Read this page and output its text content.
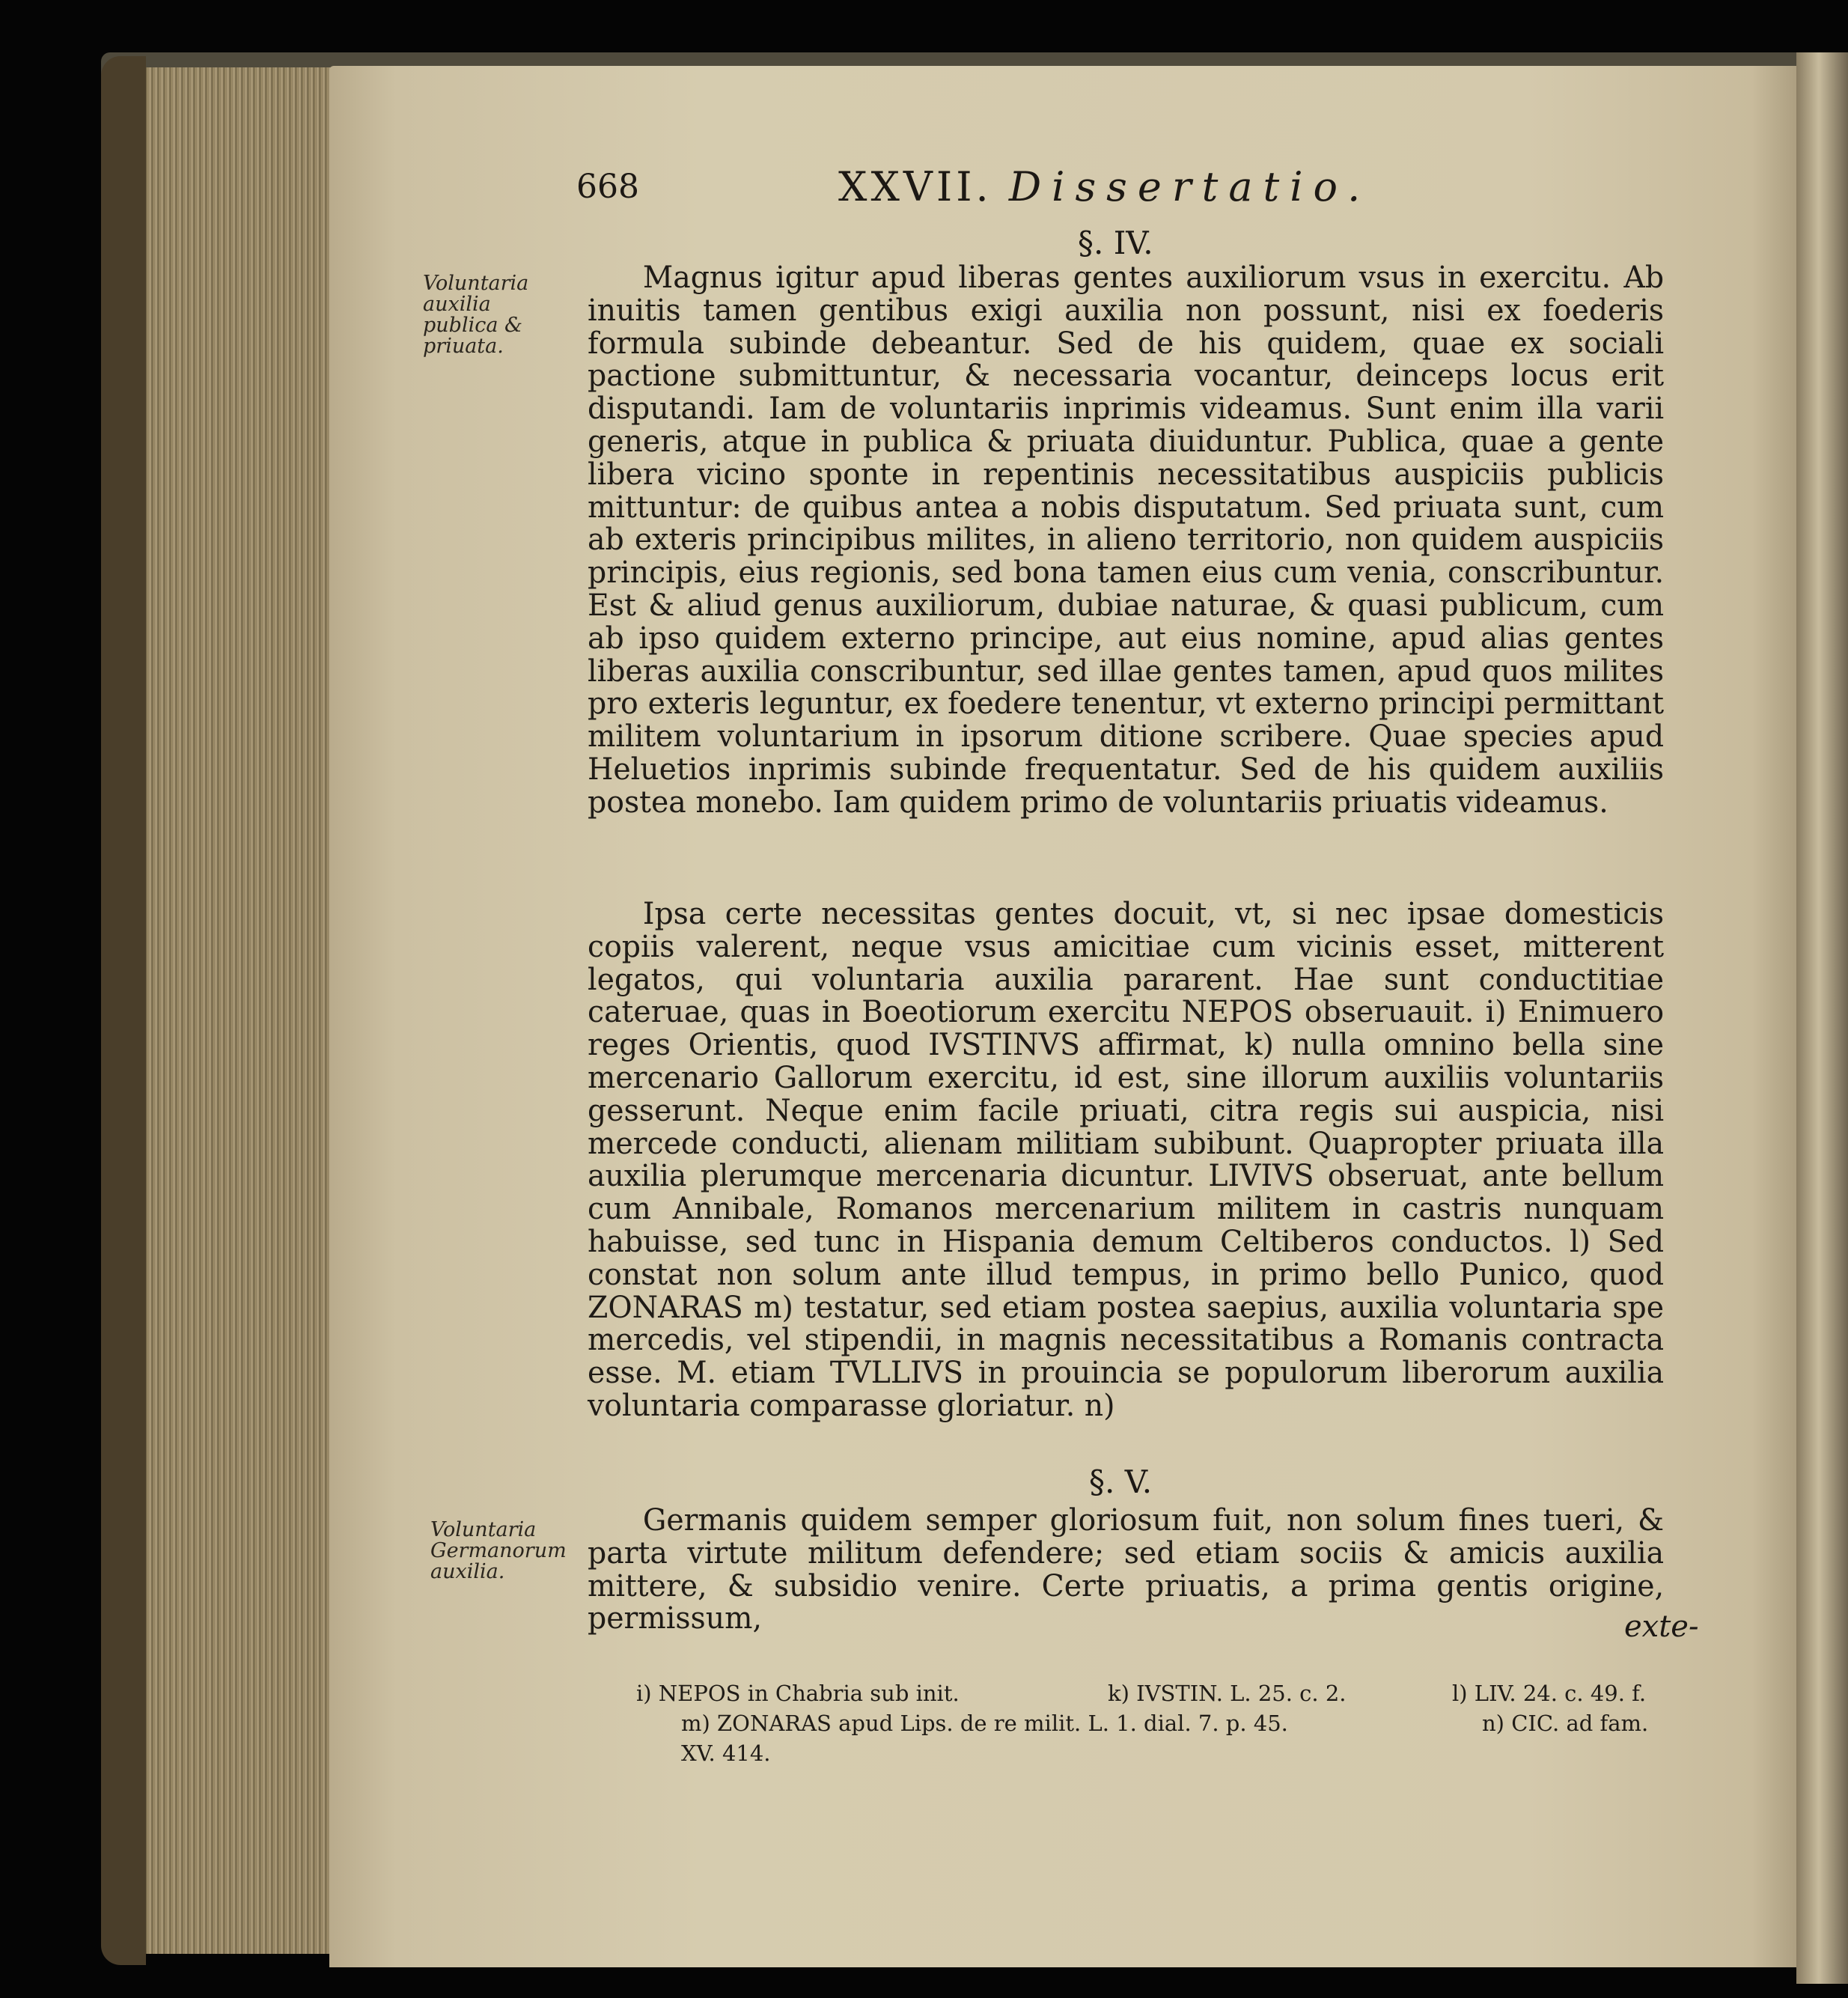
668	XXVII. Dissertatio.
§. IV.
Voluntaria auxilia publica & priuata.

Magnus igitur apud liberas gentes auxiliorum vsus in exercitu. Ab inuitis tamen gentibus exigi auxilia non possunt, nisi ex foederis formula subinde debeantur. Sed de his quidem, quae ex sociali pactione submittuntur, & necessaria vocantur, deinceps locus erit disputandi. Iam de voluntariis inprimis videamus. Sunt enim illa varii generis, atque in publica & priuata diuiduntur. Publica, quae a gente libera vicino sponte in repentinis necessitatibus auspiciis publicis mittuntur: de quibus antea a nobis disputatum. Sed priuata sunt, cum ab exteris principibus milites, in alieno territorio, non quidem auspiciis principis, eius regionis, sed bona tamen eius cum venia, conscribuntur. Est & aliud genus auxiliorum, dubiae naturae, & quasi publicum, cum ab ipso quidem externo principe, aut eius nomine, apud alias gentes liberas auxilia conscribuntur, sed illae gentes tamen, apud quos milites pro exteris leguntur, ex foedere tenentur, vt externo principi permittant militem voluntarium in ipsorum ditione scribere. Quae species apud Heluetios inprimis subinde frequentatur. Sed de his quidem auxiliis postea monebo. Iam quidem primo de voluntariis priuatis videamus.

Ipsa certe necessitas gentes docuit, vt, si nec ipsae domesticis copiis valerent, neque vsus amicitiae cum vicinis esset, mitterent legatos, qui voluntaria auxilia pararent. Hae sunt conductitiae cateruae, quas in Boeotiorum exercitu NEPOS obseruauit. i) Enimuero reges Orientis, quod IVSTINVS affirmat, k) nulla omnino bella sine mercenario Gallorum exercitu, id est, sine illorum auxiliis voluntariis gesserunt. Neque enim facile priuati, citra regis sui auspicia, nisi mercede conducti, alienam militiam subibunt. Quapropter priuata illa auxilia plerumque mercenaria dicuntur. LIVIVS obseruat, ante bellum cum Annibale, Romanos mercenarium militem in castris nunquam habuisse, sed tunc in Hispania demum Celtiberos conductos. l) Sed constat non solum ante illud tempus, in primo bello Punico, quod ZONARAS m) testatur, sed etiam postea saepius, auxilia voluntaria spe mercedis, vel stipendii, in magnis necessitatibus a Romanis contracta esse. M. etiam TVLLIVS in prouincia se populorum liberorum auxilia voluntaria comparasse gloriatur. n)

§. V.
Voluntaria Germanorum auxilia.

Germanis quidem semper gloriosum fuit, non solum fines tueri, & parta virtute militum defendere; sed etiam sociis & amicis auxilia mittere, & subsidio venire. Certe priuatis, a prima gentis origine, permissum,	exte-
i) NEPOS in Chabria sub init.	k) IVSTIN. L. 25. c. 2.	l) LIV. 24. c. 49. f.
m) ZONARAS apud Lips. de re milit. L. 1. dial. 7. p. 45.	n) CIC. ad fam.
XV. 414.
